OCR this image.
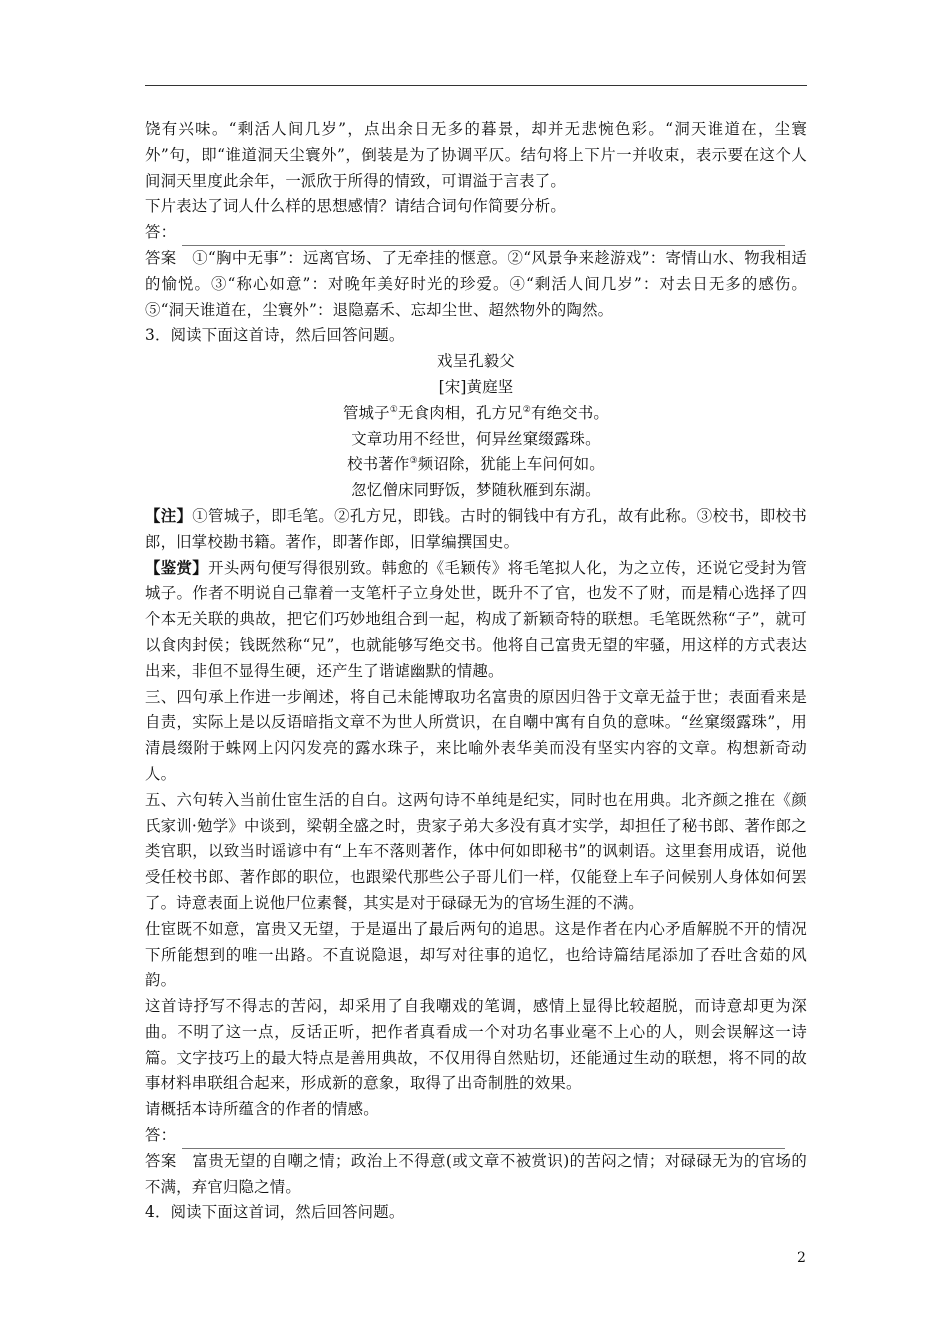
饶有兴味。“剩活人间几岁”，点出余日无多的暮景，却并无悲惋色彩。“洞天谁道在，尘寰外”句，即“谁道洞天尘寰外”，倒装是为了协调平仄。结句将上下片一并收束，表示要在这个人间洞天里度此余年，一派欣于所得的情致，可谓溢于言表了。

下片表达了词人什么样的思想感情？请结合词句作简要分析。

答：

答案　①“胸中无事”：远离官场、了无牵挂的惬意。②“风景争来趁游戏”：寄情山水、物我相适的愉悦。③“称心如意”：对晚年美好时光的珍爱。④“剩活人间几岁”：对去日无多的感伤。⑤“洞天谁道在，尘寰外”：退隐嘉禾、忘却尘世、超然物外的陶然。

3．阅读下面这首诗，然后回答问题。

戏呈孔毅父

[宋]黄庭坚

管城子①无食肉相，孔方兄②有绝交书。

文章功用不经世，何异丝窠缀露珠。

校书著作③频诏除，犹能上车问何如。

忽忆僧床同野饭，梦随秋雁到东湖。

【注】①管城子，即毛笔。②孔方兄，即钱。古时的铜钱中有方孔，故有此称。③校书，即校书郎，旧掌校勘书籍。著作，即著作郎，旧掌编撰国史。

【鉴赏】开头两句便写得很别致。韩愈的《毛颖传》将毛笔拟人化，为之立传，还说它受封为管城子。作者不明说自己靠着一支笔杆子立身处世，既升不了官，也发不了财，而是精心选择了四个本无关联的典故，把它们巧妙地组合到一起，构成了新颖奇特的联想。毛笔既然称“子”，就可以食肉封侯；钱既然称“兄”，也就能够写绝交书。他将自己富贵无望的牢骚，用这样的方式表达出来，非但不显得生硬，还产生了谐谑幽默的情趣。

三、四句承上作进一步阐述，将自己未能博取功名富贵的原因归咎于文章无益于世；表面看来是自责，实际上是以反语暗指文章不为世人所赏识，在自嘲中寓有自负的意味。“丝窠缀露珠”，用清晨缀附于蛛网上闪闪发亮的露水珠子，来比喻外表华美而没有坚实内容的文章。构想新奇动人。

五、六句转入当前仕宦生活的自白。这两句诗不单纯是纪实，同时也在用典。北齐颜之推在《颜氏家训·勉学》中谈到，梁朝全盛之时，贵家子弟大多没有真才实学，却担任了秘书郎、著作郎之类官职，以致当时谣谚中有“上车不落则著作，体中何如即秘书”的讽刺语。这里套用成语，说他受任校书郎、著作郎的职位，也跟梁代那些公子哥儿们一样，仅能登上车子问候别人身体如何罢了。诗意表面上说他尸位素餐，其实是对于碌碌无为的官场生涯的不满。

仕宦既不如意，富贵又无望，于是逼出了最后两句的追思。这是作者在内心矛盾解脱不开的情况下所能想到的唯一出路。不直说隐退，却写对往事的追忆，也给诗篇结尾添加了吞吐含茹的风韵。

这首诗抒写不得志的苦闷，却采用了自我嘲戏的笔调，感情上显得比较超脱，而诗意却更为深曲。不明了这一点，反话正听，把作者真看成一个对功名事业毫不上心的人，则会误解这一诗篇。文字技巧上的最大特点是善用典故，不仅用得自然贴切，还能通过生动的联想，将不同的故事材料串联组合起来，形成新的意象，取得了出奇制胜的效果。

请概括本诗所蕴含的作者的情感。

答：

答案　富贵无望的自嘲之情；政治上不得意(或文章不被赏识)的苦闷之情；对碌碌无为的官场的不满，弃官归隐之情。

4．阅读下面这首词，然后回答问题。

2
